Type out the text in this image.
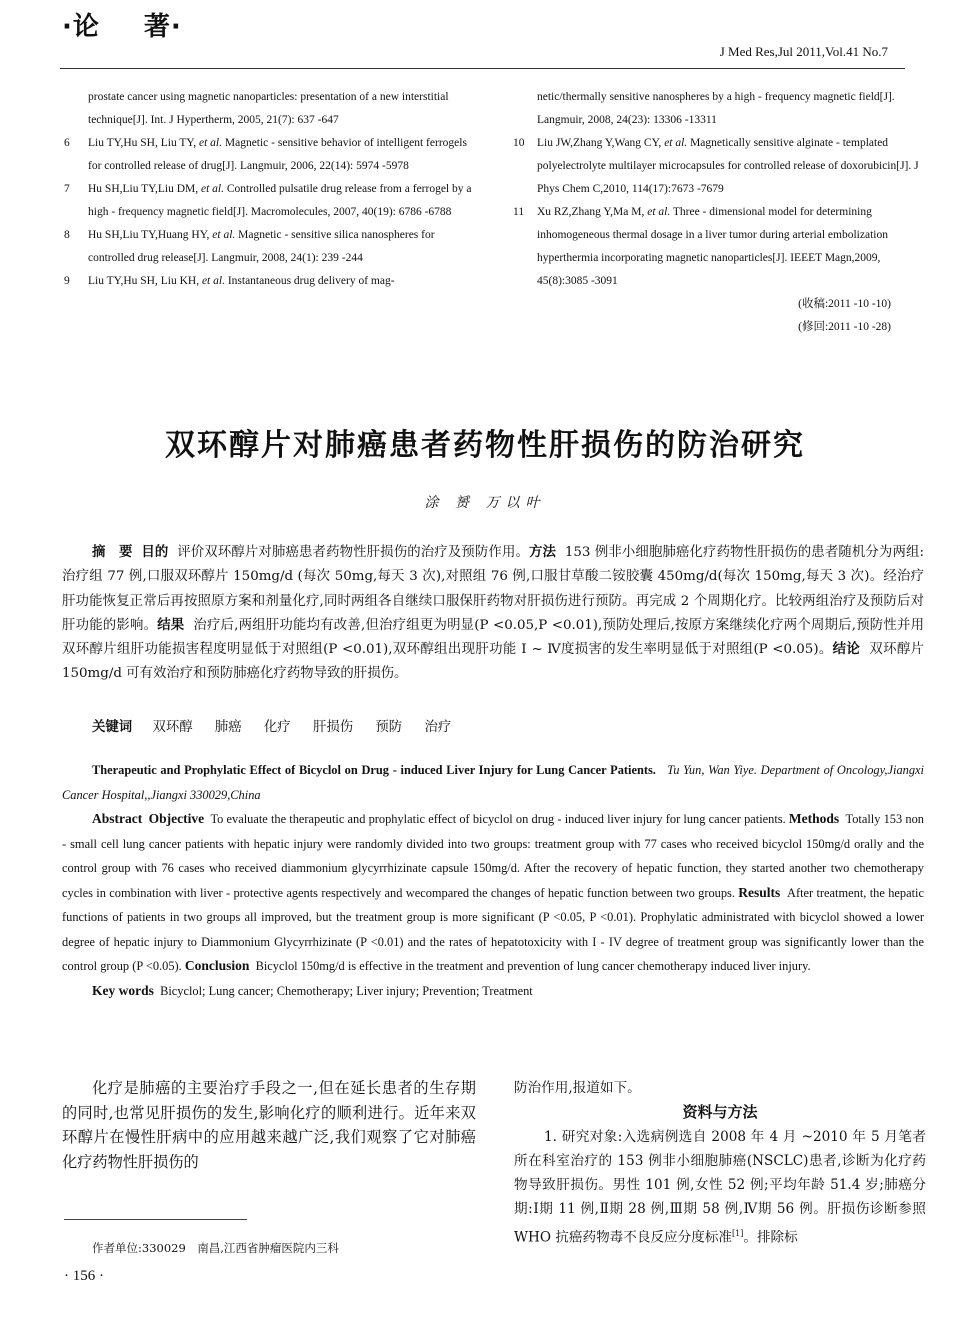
·论 著·
J Med Res,Jul 2011,Vol.41 No.7
prostate cancer using magnetic nanoparticles: presentation of a new interstitial technique[J]. Int. J Hypertherm, 2005, 21(7): 637 -647
6 Liu TY,Hu SH, Liu TY, et al. Magnetic - sensitive behavior of intelligent ferrogels for controlled release of drug[J]. Langmuir, 2006, 22(14): 5974 -5978
7 Hu SH,Liu TY,Liu DM, et al. Controlled pulsatile drug release from a ferrogel by a high - frequency magnetic field[J]. Macromolecules, 2007, 40(19): 6786 -6788
8 Hu SH,Liu TY,Huang HY, et al. Magnetic - sensitive silica nanospheres for controlled drug release[J]. Langmuir, 2008, 24(1): 239 -244
9 Liu TY,Hu SH, Liu KH, et al. Instantaneous drug delivery of mag-
netic/thermally sensitive nanospheres by a high - frequency magnetic field[J]. Langmuir, 2008, 24(23): 13306 -13311
10 Liu JW,Zhang Y,Wang CY, et al. Magnetically sensitive alginate - templated polyelectrolyte multilayer microcapsules for controlled release of doxorubicin[J]. J Phys Chem C,2010, 114(17):7673 -7679
11 Xu RZ,Zhang Y,Ma M, et al. Three - dimensional model for determining inhomogeneous thermal dosage in a liver tumor during arterial embolization hyperthermia incorporating magnetic nanoparticles[J]. IEEET Magn,2009, 45(8):3085 -3091
(收稿:2011 -10 -10)
(修回:2011 -10 -28)
双环醇片对肺癌患者药物性肝损伤的防治研究
涂 赟 万以叶
摘　要 目的 评价双环醇片对肺癌患者药物性肝损伤的治疗及预防作用。方法 153 例非小细胞肺癌化疗药物性肝损伤的患者随机分为两组:治疗组 77 例,口服双环醇片 150mg/d (每次 50mg,每天 3 次),对照组 76 例,口服甘草酸二铵胶囊 450mg/d(每次 150mg,每天 3 次)。经治疗肝功能恢复正常后再按照原方案和剂量化疗,同时两组各自继续口服保肝药物对肝损伤进行预防。再完成 2 个周期化疗。比较两组治疗及预防后对肝功能的影响。结果 治疗后,两组肝功能均有改善,但治疗组更为明显(P <0.05,P <0.01),预防处理后,按原方案继续化疗两个周期后,预防性并用双环醇片组肝功能损害程度明显低于对照组(P <0.01),双环醇组出现肝功能 Ⅰ ~ Ⅳ度损害的发生率明显低于对照组(P <0.05)。结论 双环醇片 150mg/d 可有效治疗和预防肺癌化疗药物导致的肝损伤。
关键词 双环醇 肺癌 化疗 肝损伤 预防 治疗
Therapeutic and Prophylatic Effect of Bicyclol on Drug - induced Liver Injury for Lung Cancer Patients. Tu Yun, Wan Yiye. Department of Oncology,Jiangxi Cancer Hospital,,Jiangxi 330029,China
Abstract Objective To evaluate the therapeutic and prophylatic effect of bicyclol on drug - induced liver injury for lung cancer patients. Methods Totally 153 non - small cell lung cancer patients with hepatic injury were randomly divided into two groups: treatment group with 77 cases who received bicyclol 150mg/d orally and the control group with 76 cases who received diammonium glycyrrhizinate capsule 150mg/d. After the recovery of hepatic function, they started another two chemotherapy cycles in combination with liver - protective agents respectively and wecompared the changes of hepatic function between two groups. Results After treatment, the hepatic functions of patients in two groups all improved, but the treatment group is more significant (P <0.05, P <0.01). Prophylatic administrated with bicyclol showed a lower degree of hepatic injury to Diammonium Glycyrrhizinate (P <0.01) and the rates of hepatotoxicity with I - IV degree of treatment group was significantly lower than the control group (P <0.05). Conclusion Bicyclol 150mg/d is effective in the treatment and prevention of lung cancer chemotherapy induced liver injury.
Key words Bicyclol; Lung cancer; Chemotherapy; Liver injury; Prevention; Treatment
化疗是肺癌的主要治疗手段之一,但在延长患者的生存期的同时,也常见肝损伤的发生,影响化疗的顺利进行。近年来双环醇片在慢性肝病中的应用越来越广泛,我们观察了它对肺癌化疗药物性肝损伤的
防治作用,报道如下。
资料与方法
1. 研究对象:入选病例选自 2008 年 4 月 ~2010 年 5 月笔者所在科室治疗的 153 例非小细胞肺癌(NSCLC)患者,诊断为化疗药物导致肝损伤。男性 101 例,女性 52 例;平均年龄 51.4 岁;肺癌分期:Ⅰ期 11 例,Ⅱ期 28 例,Ⅲ期 58 例,Ⅳ期 56 例。肝损伤诊断参照 WHO 抗癌药物毒不良反应分度标准[1]。排除标
作者单位:330029　南昌,江西省肿瘤医院内三科
· 156 ·
